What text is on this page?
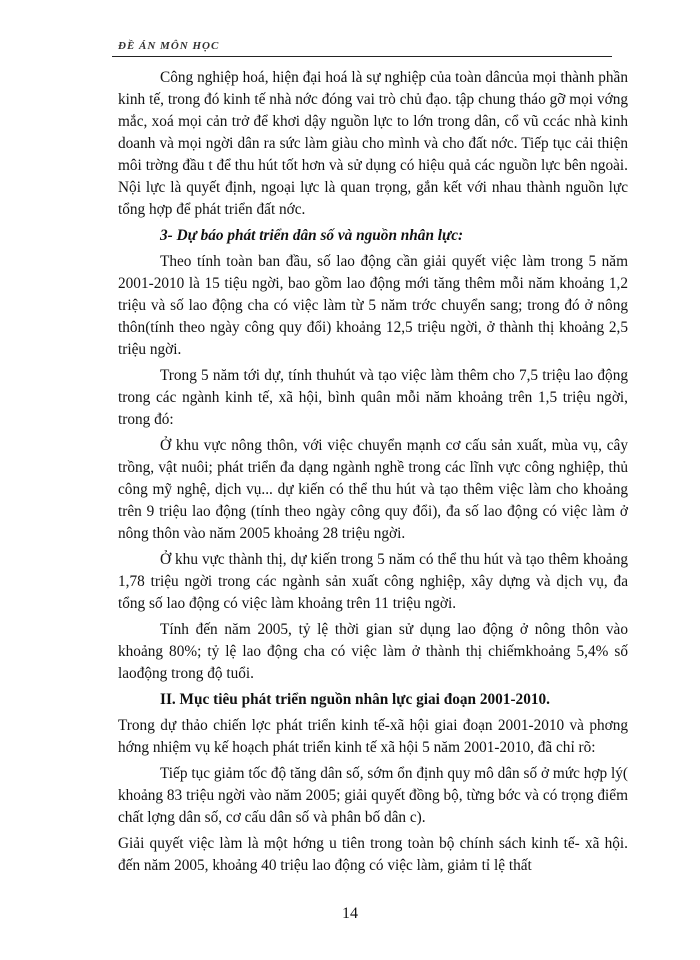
ĐỀ ÁN MÔN HỌC

Công nghiệp hoá, hiện đại hoá là sự nghiệp của toàn dâncủa mọi thành phần kinh tế, trong đó kinh tế nhà nớc đóng vai trò chủ đạo. tập chung tháo gỡ mọi vớng mắc, xoá mọi cản trở để khơi dậy nguồn lực to lớn trong dân, cổ vũ ccác nhà kinh doanh và mọi ngời dân ra sức làm giàu cho mình và cho đất nớc. Tiếp tục cải thiện môi trờng đầu t để thu hút tốt hơn và sử dụng có hiệu quả các nguồn lực bên ngoài. Nội lực là quyết định, ngoại lực là quan trọng, gắn kết với nhau thành nguồn lực tổng hợp để phát triển đất nớc.

3- Dự báo phát triển dân số và nguồn nhân lực:

Theo tính toàn ban đầu, số lao động cần giải quyết việc làm trong 5 năm 2001-2010 là 15 tiệu ngời, bao gồm lao động mới tăng thêm mỗi năm khoảng 1,2 triệu và số lao động cha có việc làm từ 5 năm trớc chuyển sang; trong đó ở nông thôn(tính theo ngày công quy đổi) khoảng 12,5 triệu ngời, ở thành thị khoảng 2,5 triệu ngời.

Trong 5 năm tới dự, tính thuhút và tạo việc làm thêm cho 7,5 triệu lao động trong các ngành kinh tế, xã hội, bình quân mỗi năm khoảng trên 1,5 triệu ngời, trong đó:

Ở khu vực nông thôn, với việc chuyển mạnh cơ cấu sản xuất, mùa vụ, cây trồng, vật nuôi; phát triển đa dạng ngành nghề trong các lĩnh vực công nghiệp, thủ công mỹ nghệ, dịch vụ... dự kiến có thể thu hút và tạo thêm việc làm cho khoảng trên 9 triệu lao động (tính theo ngày công quy đổi), đa số lao động có việc làm ở nông thôn vào năm 2005 khoảng 28 triệu ngời.

Ở khu vực thành thị, dự kiến trong 5 năm có thể thu hút và tạo thêm khoảng 1,78 triệu ngời trong các ngành sản xuất công nghiệp, xây dựng và dịch vụ, đa tổng số lao động có việc làm khoảng trên 11 triệu ngời.

Tính đến năm 2005, tỷ lệ thời gian sử dụng lao động ở nông thôn vào khoảng 80%; tỷ lệ lao động cha có việc làm ở thành thị chiếmkhoảng 5,4% số laođộng trong độ tuổi.

II. Mục tiêu phát triển nguồn nhân lực giai đoạn 2001-2010.

Trong dự thảo chiến lợc phát triển kinh tế-xã hội giai đoạn 2001-2010 và phơng hớng nhiệm vụ kế hoạch phát triển kinh tế xã hội 5 năm 2001-2010, đã chỉ rõ:

Tiếp tục giảm tốc độ tăng dân số, sớm ổn định quy mô dân số ở mức hợp lý( khoảng 83 triệu ngời vào năm 2005; giải quyết đồng bộ, từng bớc và có trọng điểm chất lợng dân số, cơ cấu dân số và phân bố dân c).

Giải quyết việc làm là một hớng u tiên trong toàn bộ chính sách kinh tế- xã hội. đến năm 2005, khoảng 40 triệu lao động có việc làm, giảm tỉ lệ thất

14
